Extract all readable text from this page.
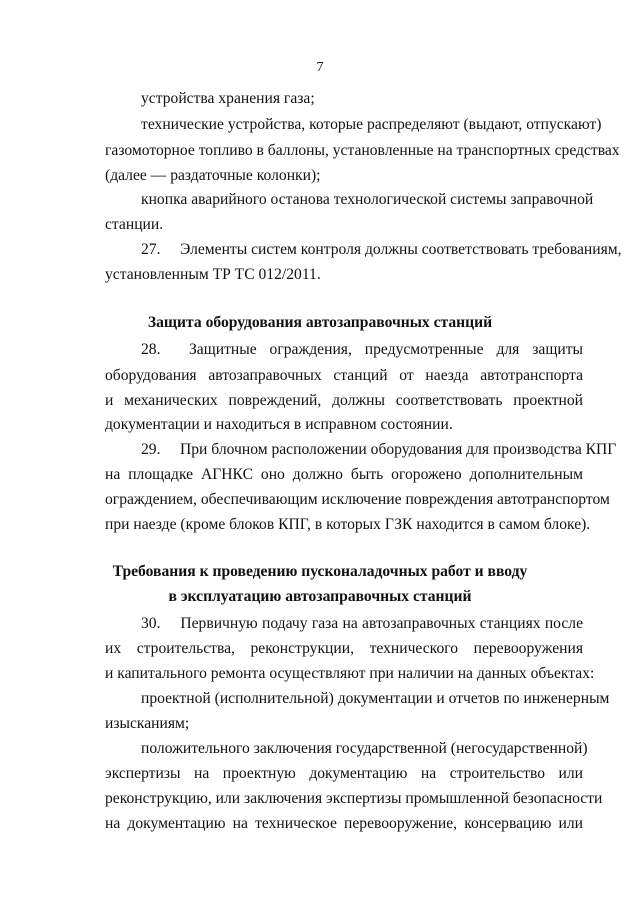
7
устройства хранения газа;
технические устройства, которые распределяют (выдают, отпускают)
газомоторное топливо в баллоны, установленные на транспортных средствах
(далее — раздаточные колонки);
кнопка аварийного останова технологической системы заправочной
станции.
27.  Элементы систем контроля должны соответствовать требованиям,
установленным ТР ТС 012/2011.
Защита оборудования автозаправочных станций
28.  Защитные ограждения, предусмотренные для защиты
оборудования автозаправочных станций от наезда автотранспорта
и механических повреждений, должны соответствовать проектной
документации и находиться в исправном состоянии.
29.  При блочном расположении оборудования для производства КПГ
на площадке АГНКС оно должно быть огорожено дополнительным
ограждением, обеспечивающим исключение повреждения автотранспортом
при наезде (кроме блоков КПГ, в которых ГЗК находится в самом блоке).
Требования к проведению пусконаладочных работ и вводу
в эксплуатацию автозаправочных станций
30.  Первичную подачу газа на автозаправочных станциях после
их строительства, реконструкции, технического перевооружения
и капитального ремонта осуществляют при наличии на данных объектах:
проектной (исполнительной) документации и отчетов по инженерным
изысканиям;
положительного заключения государственной (негосударственной)
экспертизы на проектную документацию на строительство или
реконструкцию, или заключения экспертизы промышленной безопасности
на документацию на техническое перевооружение, консервацию или
